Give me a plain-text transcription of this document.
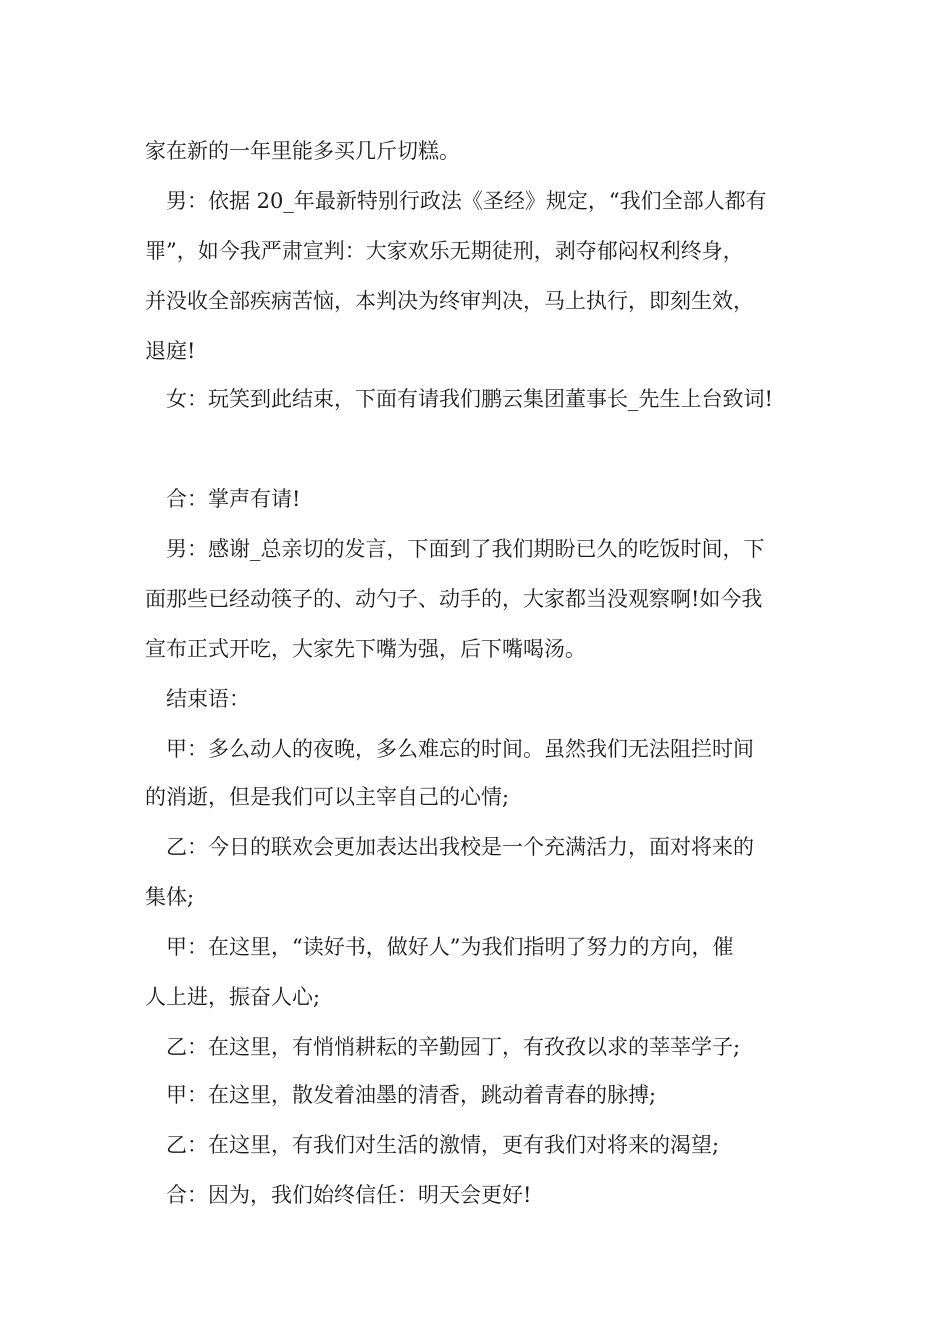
家在新的一年里能多买几斤切糕。

男：依据 20_年最新特别行政法《圣经》规定，“我们全部人都有

罪”，如今我严肃宣判：大家欢乐无期徒刑，剥夺郁闷权利终身，

并没收全部疾病苦恼，本判决为终审判决，马上执行，即刻生效，

退庭!

女：玩笑到此结束，下面有请我们鹏云集团董事长_先生上台致词!

合：掌声有请!

男：感谢_总亲切的发言，下面到了我们期盼已久的吃饭时间，下

面那些已经动筷子的、动勺子、动手的，大家都当没观察啊!如今我

宣布正式开吃，大家先下嘴为强，后下嘴喝汤。

结束语：

甲：多么动人的夜晚，多么难忘的时间。虽然我们无法阻拦时间

的消逝，但是我们可以主宰自己的心情;

乙：今日的联欢会更加表达出我校是一个充满活力，面对将来的

集体;

甲：在这里，“读好书，做好人”为我们指明了努力的方向，催

人上进，振奋人心;

乙：在这里，有悄悄耕耘的辛勤园丁，有孜孜以求的莘莘学子;

甲：在这里，散发着油墨的清香，跳动着青春的脉搏;

乙：在这里，有我们对生活的激情，更有我们对将来的渴望;

合：因为，我们始终信任：明天会更好!
